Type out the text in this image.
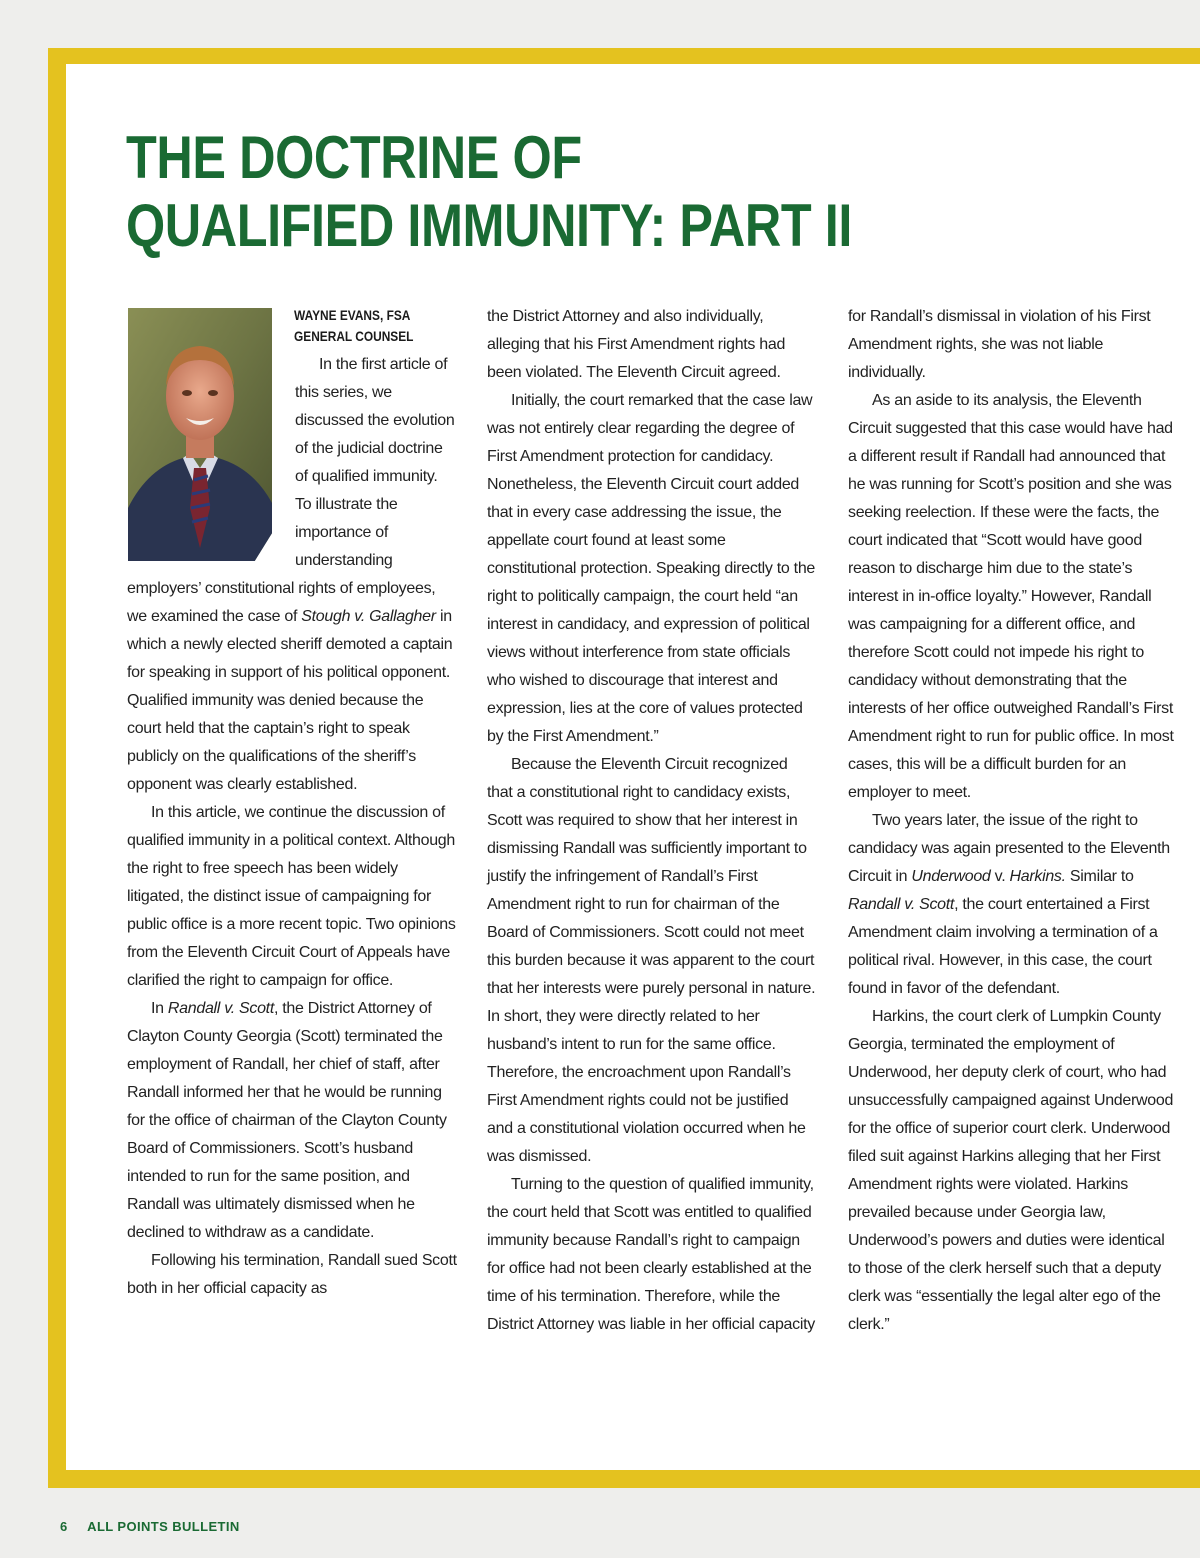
THE DOCTRINE OF
QUALIFIED IMMUNITY: PART II
WAYNE EVANS, FSA
GENERAL COUNSEL

In the first article of this series, we discussed the evolution of the judicial doctrine of qualified immunity. To illustrate the importance of understanding employers’ constitutional rights of employees, we examined the case of Stough v. Gallagher in which a newly elected sheriff demoted a captain for speaking in support of his political opponent. Qualified immunity was denied because the court held that the captain’s right to speak publicly on the qualifications of the sheriff’s opponent was clearly established.

In this article, we continue the discussion of qualified immunity in a political context. Although the right to free speech has been widely litigated, the distinct issue of campaigning for public office is a more recent topic. Two opinions from the Eleventh Circuit Court of Appeals have clarified the right to campaign for office.

In Randall v. Scott, the District Attorney of Clayton County Georgia (Scott) terminated the employment of Randall, her chief of staff, after Randall informed her that he would be running for the office of chairman of the Clayton County Board of Commissioners. Scott’s husband intended to run for the same position, and Randall was ultimately dismissed when he declined to withdraw as a candidate.

Following his termination, Randall sued Scott both in her official capacity as

the District Attorney and also individually, alleging that his First Amendment rights had been violated. The Eleventh Circuit agreed.

Initially, the court remarked that the case law was not entirely clear regarding the degree of First Amendment protection for candidacy. Nonetheless, the Eleventh Circuit court added that in every case addressing the issue, the appellate court found at least some constitutional protection. Speaking directly to the right to politically campaign, the court held “an interest in candidacy, and expression of political views without interference from state officials who wished to discourage that interest and expression, lies at the core of values protected by the First Amendment.”

Because the Eleventh Circuit recognized that a constitutional right to candidacy exists, Scott was required to show that her interest in dismissing Randall was sufficiently important to justify the infringement of Randall’s First Amendment right to run for chairman of the Board of Commissioners. Scott could not meet this burden because it was apparent to the court that her interests were purely personal in nature. In short, they were directly related to her husband’s intent to run for the same office. Therefore, the encroachment upon Randall’s First Amendment rights could not be justified and a constitutional violation occurred when he was dismissed.

Turning to the question of qualified immunity, the court held that Scott was entitled to qualified immunity because Randall’s right to campaign for office had not been clearly established at the time of his termination. Therefore, while the District Attorney was liable in her official capacity

for Randall’s dismissal in violation of his First Amendment rights, she was not liable individually.

As an aside to its analysis, the Eleventh Circuit suggested that this case would have had a different result if Randall had announced that he was running for Scott’s position and she was seeking reelection. If these were the facts, the court indicated that “Scott would have good reason to discharge him due to the state’s interest in in-office loyalty.” However, Randall was campaigning for a different office, and therefore Scott could not impede his right to candidacy without demonstrating that the interests of her office outweighed Randall’s First Amendment right to run for public office. In most cases, this will be a difficult burden for an employer to meet.

Two years later, the issue of the right to candidacy was again presented to the Eleventh Circuit in Underwood v. Harkins. Similar to Randall v. Scott, the court entertained a First Amendment claim involving a termination of a political rival. However, in this case, the court found in favor of the defendant.

Harkins, the court clerk of Lumpkin County Georgia, terminated the employment of Underwood, her deputy clerk of court, who had unsuccessfully campaigned against Underwood for the office of superior court clerk. Underwood filed suit against Harkins alleging that her First Amendment rights were violated. Harkins prevailed because under Georgia law, Underwood’s powers and duties were identical to those of the clerk herself such that a deputy clerk was “essentially the legal alter ego of the clerk.”

6 ALL POINTS BULLETIN
